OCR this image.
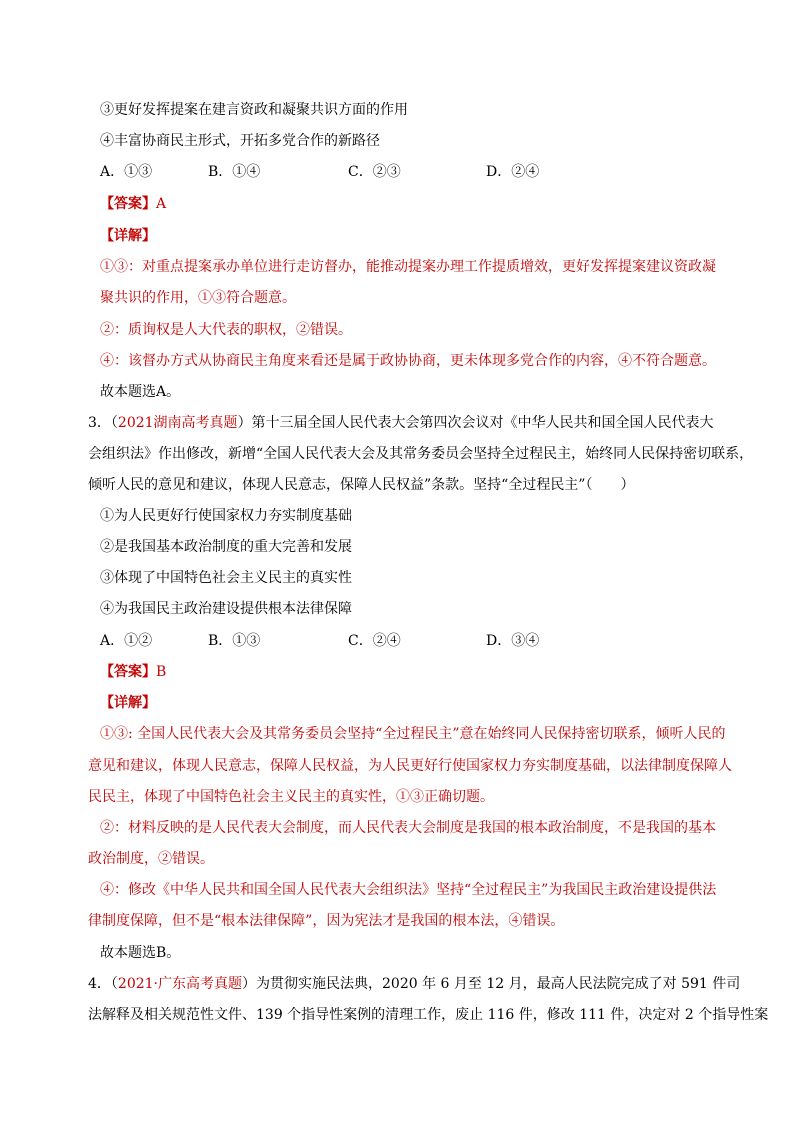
③更好发挥提案在建言资政和凝聚共识方面的作用
④丰富协商民主形式，开拓多党合作的新路径
A．①③	B．①④	C．②③	D．②④
【答案】A
【详解】
①③：对重点提案承办单位进行走访督办，能推动提案办理工作提质增效，更好发挥提案建议资政凝
聚共识的作用，①③符合题意。
②：质询权是人大代表的职权，②错误。
④：该督办方式从协商民主角度来看还是属于政协协商，更未体现多党合作的内容，④不符合题意。
故本题选A。
3．（2021湖南高考真题）第十三届全国人民代表大会第四次会议对《中华人民共和国全国人民代表大
会组织法》作出修改，新增“全国人民代表大会及其常务委员会坚持全过程民主，始终同人民保持密切联系，
倾听人民的意见和建议，体现人民意志，保障人民权益”条款。坚持“全过程民主”（　　）
①为人民更好行使国家权力夯实制度基础
②是我国基本政治制度的重大完善和发展
③体现了中国特色社会主义民主的真实性
④为我国民主政治建设提供根本法律保障
A．①②	B．①③	C．②④	D．③④
【答案】B
【详解】
①③: 全国人民代表大会及其常务委员会坚持“全过程民主”意在始终同人民保持密切联系，倾听人民的
意见和建议，体现人民意志，保障人民权益，为人民更好行使国家权力夯实制度基础，以法律制度保障人
民民主，体现了中国特色社会主义民主的真实性，①③正确切题。
②：材料反映的是人民代表大会制度，而人民代表大会制度是我国的根本政治制度，不是我国的基本
政治制度，②错误。
④：修改《中华人民共和国全国人民代表大会组织法》坚持“全过程民主”为我国民主政治建设提供法
律制度保障，但不是“根本法律保障”，因为宪法才是我国的根本法，④错误。
故本题选B。
4．（2021·广东高考真题）为贯彻实施民法典，2020 年 6 月至 12 月，最高人民法院完成了对 591 件司
法解释及相关规范性文件、139 个指导性案例的清理工作，废止 116 件，修改 111 件，决定对 2 个指导性案
